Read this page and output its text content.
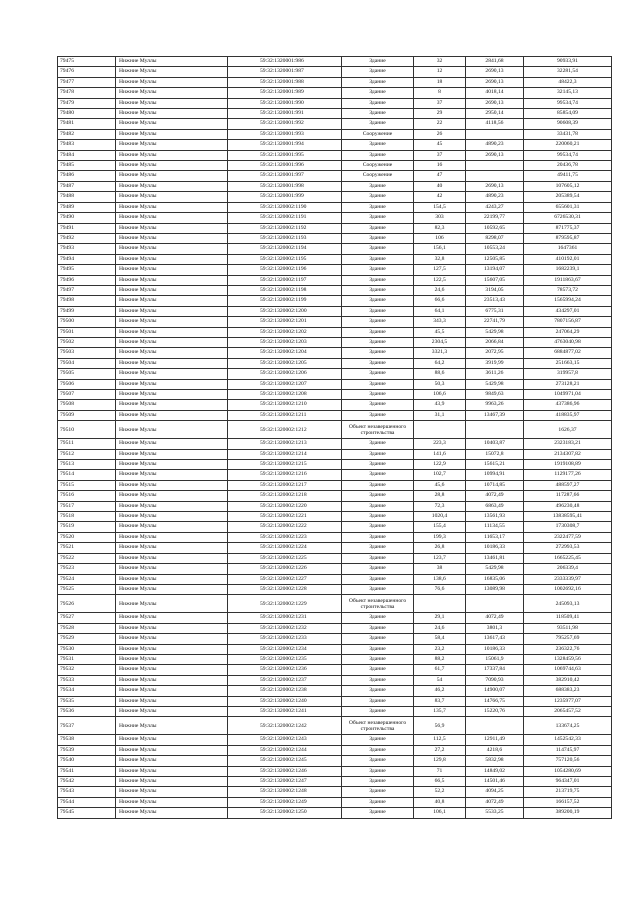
79475	Нижние Муллы	59:32:1320001:986	Здание	32	2841,68	90933,91
79476	Нижние Муллы	59:32:1320001:987	Здание	12	2690,13	32281,54
79477	Нижние Муллы	59:32:1320001:988	Здание	18	2690,13	48422,3
79478	Нижние Муллы	59:32:1320001:989	Здание	8	4018,14	32145,13
79479	Нижние Муллы	59:32:1320001:990	Здание	37	2690,13	99534,74
79480	Нижние Муллы	59:32:1320001:991	Здание	29	2950,14	85854,09
79481	Нижние Муллы	59:32:1320001:992	Здание	22	4118,56	90608,39
79482	Нижние Муллы	59:32:1320001:993	Сооружение	26		33431,78
79483	Нижние Муллы	59:32:1320001:994	Здание	45	4890,23	220060,21
79484	Нижние Муллы	59:32:1320001:995	Здание	37	2690,13	99534,74
79485	Нижние Муллы	59:32:1320001:996	Сооружение	16		20436,78
79486	Нижние Муллы	59:32:1320001:997	Сооружение	47		49411,75
79487	Нижние Муллы	59:32:1320001:998	Здание	40	2690,13	107605,12
79488	Нижние Муллы	59:32:1320001:999	Здание	42	4890,23	205389,54
79489	Нижние Муллы	59:32:1320002:1190	Здание	154,5	4243,27	655601,31
79490	Нижние Муллы	59:32:1320002:1191	Здание	303	22199,77	6726530,31
79491	Нижние Муллы	59:32:1320002:1192	Здание	82,3	10592,65	871775,37
79492	Нижние Муллы	59:32:1320002:1193	Здание	106	8298,07	879595,87
79493	Нижние Муллы	59:32:1320002:1194	Здание	156,1	10553,24	1647361
79494	Нижние Муллы	59:32:1320002:1195	Здание	32,8	12505,85	410192,01
79495	Нижние Муллы	59:32:1320002:1196	Здание	127,5	13194,07	1682239,1
79496	Нижние Муллы	59:32:1320002:1197	Здание	122,5	15607,05	1911863,67
79497	Нижние Муллы	59:32:1320002:1198	Здание	24,6	3194,05	78573,72
79498	Нижние Муллы	59:32:1320002:1199	Здание	66,6	23513,43	1565994,24
79499	Нижние Муллы	59:32:1320002:1200	Здание	64,1	6775,31	434297,01
79500	Нижние Муллы	59:32:1320002:1201	Здание	343,3	22741,79	7807156,87
79501	Нижние Муллы	59:32:1320002:1202	Здание	45,5	5429,98	247064,29
79502	Нижние Муллы	59:32:1320002:1203	Здание	2304,5	2066,84	4763040,98
79503	Нижние Муллы	59:32:1320002:1204	Здание	3321,3	2072,95	6884877,02
79504	Нижние Муллы	59:32:1320002:1205	Здание	64,2	3919,99	251663,15
79505	Нижние Муллы	59:32:1320002:1206	Здание	88,6	3611,26	319957,8
79506	Нижние Муллы	59:32:1320002:1207	Здание	50,3	5429,98	273128,21
79507	Нижние Муллы	59:32:1320002:1208	Здание	106,6	9849,63	1049971,04
79508	Нижние Муллы	59:32:1320002:1210	Здание	43,9	9963,26	437386,96
79509	Нижние Муллы	59:32:1320002:1211	Здание	31,1	13467,39	418835,97
79510	Нижние Муллы	59:32:1320002:1212	Объект незавершенного строительства			1626,37
79511	Нижние Муллы	59:32:1320002:1213	Здание	223,3	10403,87	2323183,21
79512	Нижние Муллы	59:32:1320002:1214	Здание	141,6	15072,8	2134307,82
79513	Нижние Муллы	59:32:1320002:1215	Здание	122,9	15615,21	1919108,89
79514	Нижние Муллы	59:32:1320002:1216	Здание	102,7	10994,91	1129177,26
79515	Нижние Муллы	59:32:1320002:1217	Здание	45,6	10714,85	488597,27
79516	Нижние Муллы	59:32:1320002:1218	Здание	28,8	4072,49	117287,66
79517	Нижние Муллы	59:32:1320002:1220	Здание	72,3	6863,49	496230,48
79518	Нижние Муллы	59:32:1320002:1221	Здание	1020,4	13561,93	13838595,41
79519	Нижние Муллы	59:32:1320002:1222	Здание	155,4	11134,55	1730308,7
79520	Нижние Муллы	59:32:1320002:1223	Здание	199,3	11653,17	2322477,59
79521	Нижние Муллы	59:32:1320002:1224	Здание	26,8	10186,33	272993,53
79522	Нижние Муллы	59:32:1320002:1225	Здание	123,7	13461,81	1665225,45
79523	Нижние Муллы	59:32:1320002:1226	Здание	38	5429,98	206339,4
79524	Нижние Муллы	59:32:1320002:1227	Здание	138,6	16835,06	2333339,97
79525	Нижние Муллы	59:32:1320002:1228	Здание	76,6	13089,98	1002692,16
79526	Нижние Муллы	59:32:1320002:1229	Объект незавершенного строительства			245093,13
79527	Нижние Муллы	59:32:1320002:1231	Здание	29,1	4072,49	118509,41
79528	Нижние Муллы	59:32:1320002:1232	Здание	24,6	3801,3	93511,98
79529	Нижние Муллы	59:32:1320002:1233	Здание	58,4	13617,43	795257,69
79530	Нижние Муллы	59:32:1320002:1234	Здание	23,2	10186,33	236322,76
79531	Нижние Муллы	59:32:1320002:1235	Здание	88,2	15061,9	1328459,56
79532	Нижние Муллы	59:32:1320002:1236	Здание	61,7	17337,84	1069744,63
79533	Нижние Муллы	59:32:1320002:1237	Здание	54	7090,93	382910,42
79534	Нижние Муллы	59:32:1320002:1238	Здание	46,2	14900,07	688383,23
79535	Нижние Муллы	59:32:1320002:1240	Здание	83,7	14766,75	1235977,07
79536	Нижние Муллы	59:32:1320002:1241	Здание	135,7	15220,76	2065457,52
79537	Нижние Муллы	59:32:1320002:1242	Объект незавершенного строительства	56,9		133674,25
79538	Нижние Муллы	59:32:1320002:1243	Здание	112,5	12911,49	1452542,33
79539	Нижние Муллы	59:32:1320002:1244	Здание	27,2	4218,6	114745,97
79540	Нижние Муллы	59:32:1320002:1245	Здание	129,8	5832,98	757120,56
79541	Нижние Муллы	59:32:1320002:1246	Здание	71	14849,02	1054280,69
79542	Нижние Муллы	59:32:1320002:1247	Здание	66,5	14501,46	964347,01
79543	Нижние Муллы	59:32:1320002:1248	Здание	52,2	4094,25	213719,75
79544	Нижние Муллы	59:32:1320002:1249	Здание	40,8	4072,49	166157,52
79545	Нижние Муллы	59:32:1320002:1250	Здание	106,1	5533,25	389200,19
